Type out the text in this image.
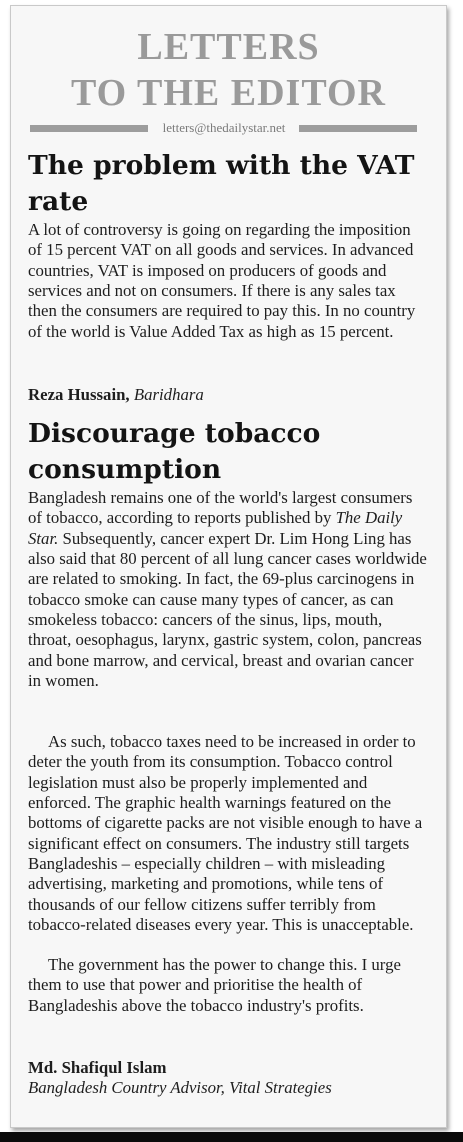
LETTERS
TO THE EDITOR
letters@thedailystar.net
The problem with the VAT rate
A lot of controversy is going on regarding the imposition of 15 percent VAT on all goods and services. In advanced countries, VAT is imposed on producers of goods and services and not on consumers. If there is any sales tax then the consumers are required to pay this. In no country of the world is Value Added Tax as high as 15 percent.
Reza Hussain, Baridhara
Discourage tobacco consumption
Bangladesh remains one of the world's largest consumers of tobacco, according to reports published by The Daily Star. Subsequently, cancer expert Dr. Lim Hong Ling has also said that 80 percent of all lung cancer cases worldwide are related to smoking. In fact, the 69-plus carcinogens in tobacco smoke can cause many types of cancer, as can smokeless tobacco: cancers of the sinus, lips, mouth, throat, oesophagus, larynx, gastric system, colon, pancreas and bone marrow, and cervical, breast and ovarian cancer in women.
As such, tobacco taxes need to be increased in order to deter the youth from its consumption. Tobacco control legislation must also be properly implemented and enforced. The graphic health warnings featured on the bottoms of cigarette packs are not visible enough to have a significant effect on consumers. The industry still targets Bangladeshis – especially children – with misleading advertising, marketing and promotions, while tens of thousands of our fellow citizens suffer terribly from tobacco-related diseases every year. This is unacceptable.
The government has the power to change this. I urge them to use that power and prioritise the health of Bangladeshis above the tobacco industry's profits.
Md. Shafiqul Islam
Bangladesh Country Advisor, Vital Strategies
